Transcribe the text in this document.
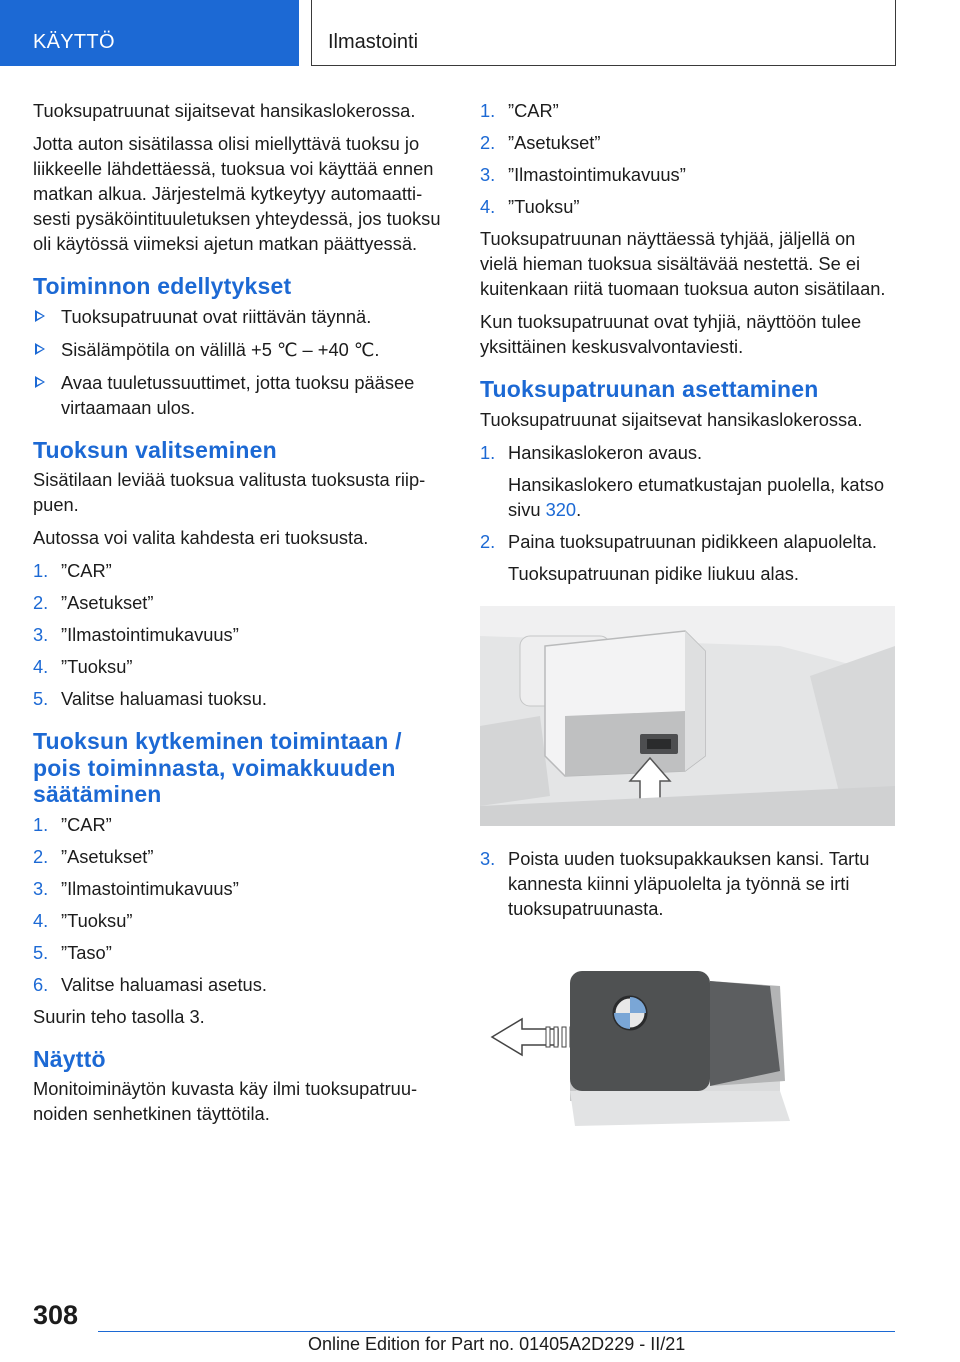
KÄYTTÖ	Ilmastointi

Tuoksupatruunat sijaitsevat hansikaslokerossa.

Jotta auton sisätilassa olisi miellyttävä tuoksu jo liikkeelle lähdettäessä, tuoksua voi käyttää ennen matkan alkua. Järjestelmä kytkeytyy automaattisesti pysäköintituuletuksen yhteydessä, jos tuoksu oli käytössä viimeksi ajetun matkan päättyessä.

Toiminnon edellytykset
Tuoksupatruunat ovat riittävän täynnä.
Sisälämpötila on välillä +5 ℃ – +40 ℃.
Avaa tuuletussuuttimet, jotta tuoksu pääsee virtaamaan ulos.
Tuoksun valitseminen

Sisätilaan leviää tuoksua valitusta tuoksusta riippuen.

Autossa voi valita kahdesta eri tuoksusta.

1. ”CAR”
2. ”Asetukset”
3. ”Ilmastointimukavuus”
4. ”Tuoksu”
5. Valitse haluamasi tuoksu.
Tuoksun kytkeminen toimintaan / pois toiminnasta, voimakkuuden säätäminen
1. ”CAR”
2. ”Asetukset”
3. ”Ilmastointimukavuus”
4. ”Tuoksu”
5. ”Taso”
6. Valitse haluamasi asetus.

Suurin teho tasolla 3.

Näyttö

Monitoiminäytön kuvasta käy ilmi tuoksupatruunoiden senhetkinen täyttötila.

1. ”CAR”
2. ”Asetukset”
3. ”Ilmastointimukavuus”
4. ”Tuoksu”

Tuoksupatruunan näyttäessä tyhjää, jäljellä on vielä hieman tuoksua sisältävää nestettä. Se ei kuitenkaan riitä tuomaan tuoksua auton sisätilaan.

Kun tuoksupatruunat ovat tyhjiä, näyttöön tulee yksittäinen keskusvalvontaviesti.

Tuoksupatruunan asettaminen

Tuoksupatruunat sijaitsevat hansikaslokerossa.

1. Hansikaslokeron avaus.
Hansikaslokero etumatkustajan puolella, katso sivu 320.
2. Paina tuoksupatruunan pidikkeen alapuolelta.
Tuoksupatruunan pidike liukuu alas.
3. Poista uuden tuoksupakkauksen kansi. Tartu kannesta kiinni yläpuolelta ja työnnä se irti tuoksupatruunasta.
308
Online Edition for Part no. 01405A2D229 - II/21
